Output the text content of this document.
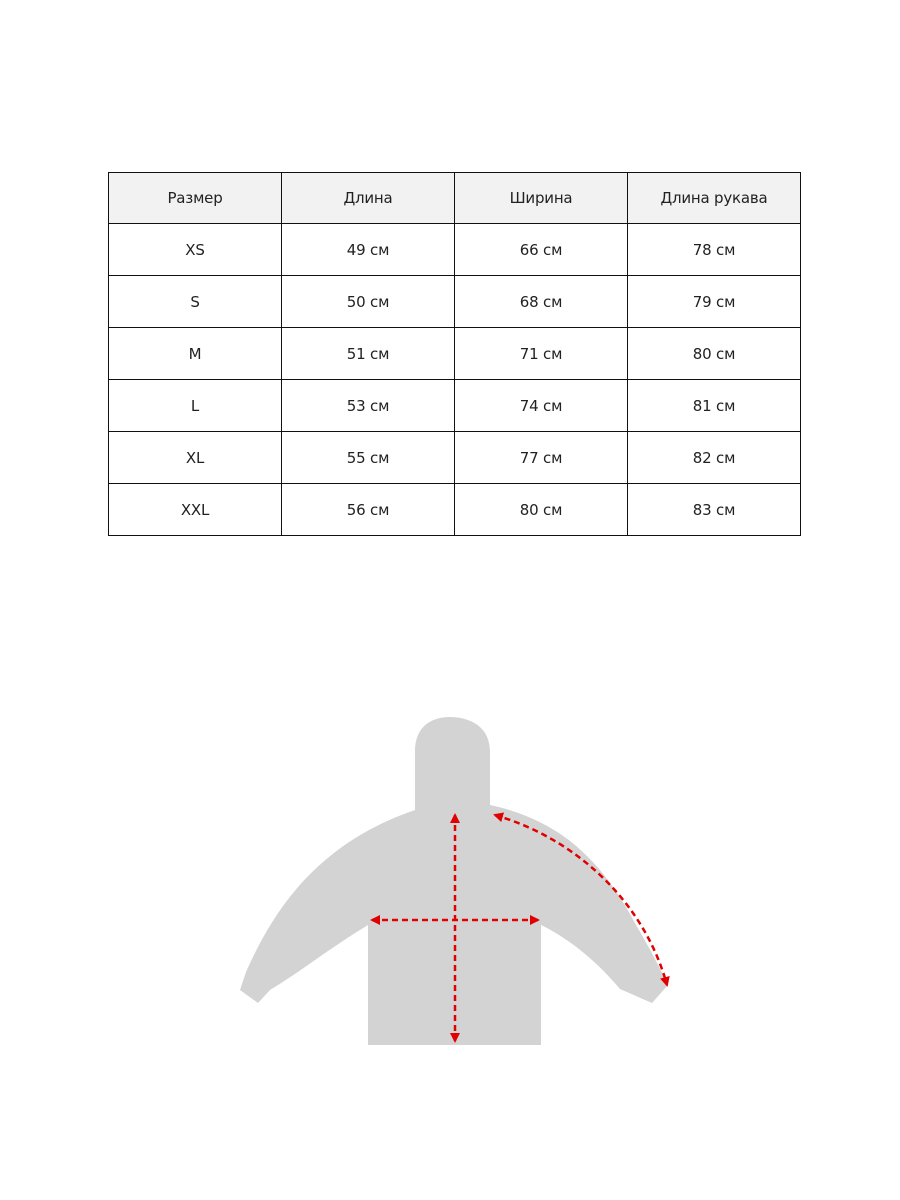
Размер	Длина	Ширина	Длина рукава
XS	49 см	66 см	78 см
S	50 см	68 см	79 см
M	51 см	71 см	80 см
L	53 см	74 см	81 см
XL	55 см	77 см	82 см
XXL	56 см	80 см	83 см
